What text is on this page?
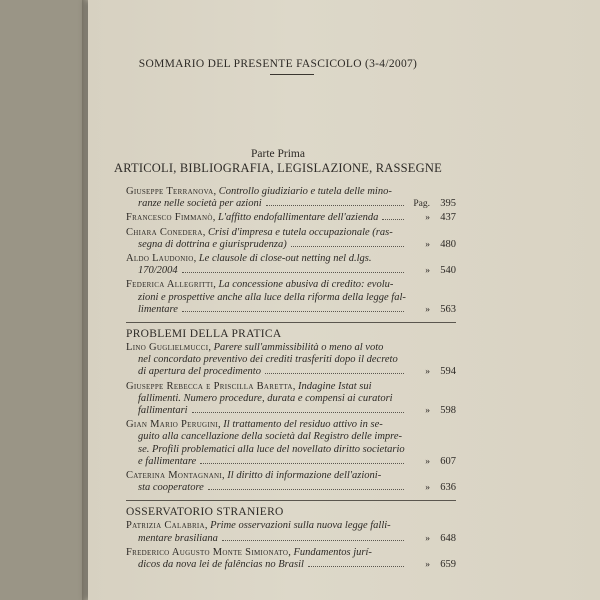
SOMMARIO DEL PRESENTE FASCICOLO (3-4/2007)
Parte Prima
ARTICOLI, BIBLIOGRAFIA, LEGISLAZIONE, RASSEGNE
Giuseppe Terranova, Controllo giudiziario e tutela delle mino-
ranze nelle società per azioni	Pag. 395
Francesco Fimmanò, L'affitto endofallimentare dell'azienda	» 437
Chiara Conedera, Crisi d'impresa e tutela occupazionale (ras-
segna di dottrina e giurisprudenza)	» 480
Aldo Laudonio, Le clausole di close-out netting nel d.lgs.
170/2004	» 540
Federica Allegritti, La concessione abusiva di credito: evolu-
zioni e prospettive anche alla luce della riforma della legge fal-
limentare	» 563
PROBLEMI DELLA PRATICA
Lino Guglielmucci, Parere sull'ammissibilità o meno al voto
nel concordato preventivo dei crediti trasferiti dopo il decreto
di apertura del procedimento	» 594
Giuseppe Rebecca e Priscilla Baretta, Indagine Istat sui
fallimenti. Numero procedure, durata e compensi ai curatori
fallimentari	» 598
Gian Mario Perugini, Il trattamento del residuo attivo in se-
guito alla cancellazione della società dal Registro delle impre-
se. Profili problematici alla luce del novellato diritto societario
e fallimentare	» 607
Caterina Montagnani, Il diritto di informazione dell'azioni-
sta cooperatore	» 636
OSSERVATORIO STRANIERO
Patrizia Calabria, Prime osservazioni sulla nuova legge falli-
mentare brasiliana	» 648
Frederico Augusto Monte Simionato, Fundamentos jurí-
dicos da nova lei de falências no Brasil	» 659
